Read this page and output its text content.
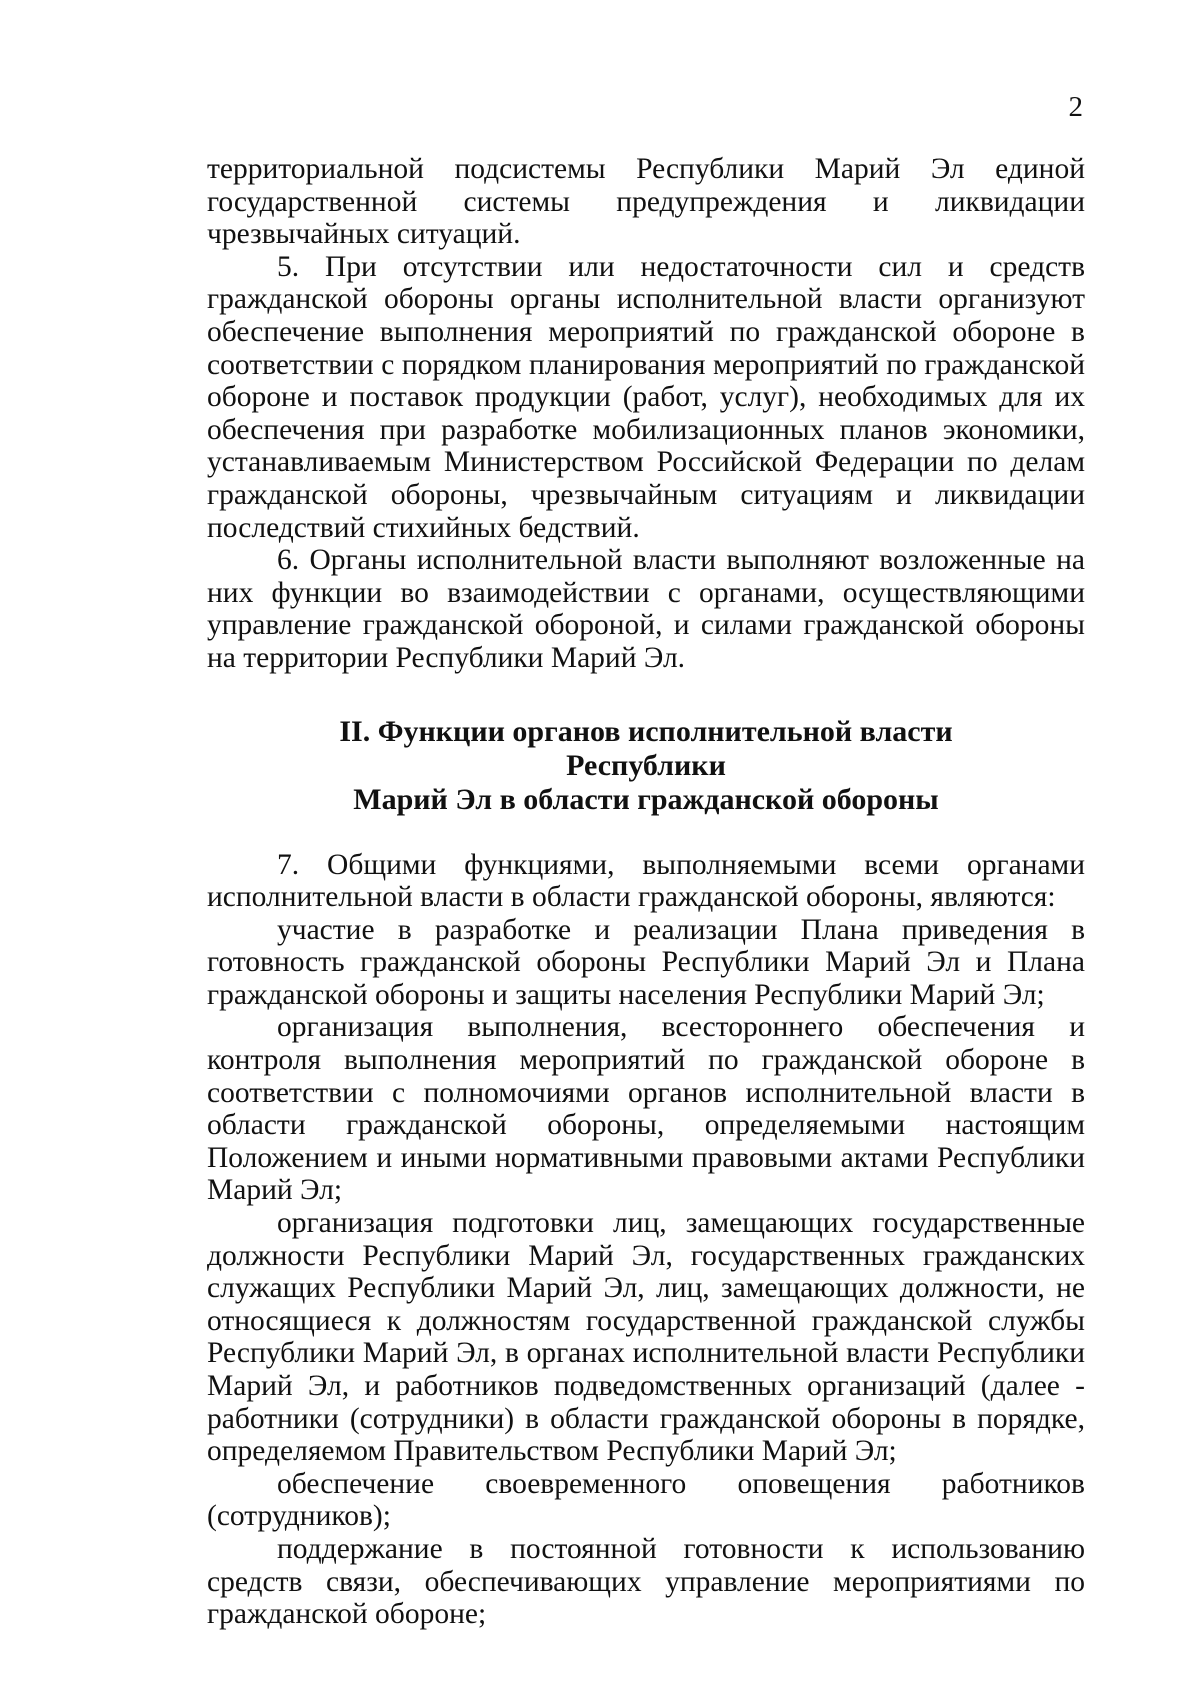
2

территориальной подсистемы Республики Марий Эл единой государственной системы предупреждения и ликвидации чрезвычайных ситуаций.

5. При отсутствии или недостаточности сил и средств гражданской обороны органы исполнительной власти организуют обеспечение выполнения мероприятий по гражданской обороне в соответствии с порядком планирования мероприятий по гражданской обороне и поставок продукции (работ, услуг), необходимых для их обеспечения при разработке мобилизационных планов экономики, устанавливаемым Министерством Российской Федерации по делам гражданской обороны, чрезвычайным ситуациям и ликвидации последствий стихийных бедствий.

6. Органы исполнительной власти выполняют возложенные на них функции во взаимодействии с органами, осуществляющими управление гражданской обороной, и силами гражданской обороны на территории Республики Марий Эл.

II. Функции органов исполнительной власти Республики
Марий Эл в области гражданской обороны

7. Общими функциями, выполняемыми всеми органами исполнительной власти в области гражданской обороны, являются:

участие в разработке и реализации Плана приведения в готовность гражданской обороны Республики Марий Эл и Плана гражданской обороны и защиты населения Республики Марий Эл;

организация выполнения, всестороннего обеспечения и контроля выполнения мероприятий по гражданской обороне в соответствии с полномочиями органов исполнительной власти в области гражданской обороны, определяемыми настоящим Положением и иными нормативными правовыми актами Республики Марий Эл;

организация подготовки лиц, замещающих государственные должности Республики Марий Эл, государственных гражданских служащих Республики Марий Эл, лиц, замещающих должности, не относящиеся к должностям государственной гражданской службы Республики Марий Эл, в органах исполнительной власти Республики Марий Эл, и работников подведомственных организаций (далее - работники (сотрудники) в области гражданской обороны в порядке, определяемом Правительством Республики Марий Эл;

обеспечение своевременного оповещения работников (сотрудников);

поддержание в постоянной готовности к использованию средств связи, обеспечивающих управление мероприятиями по гражданской обороне;
